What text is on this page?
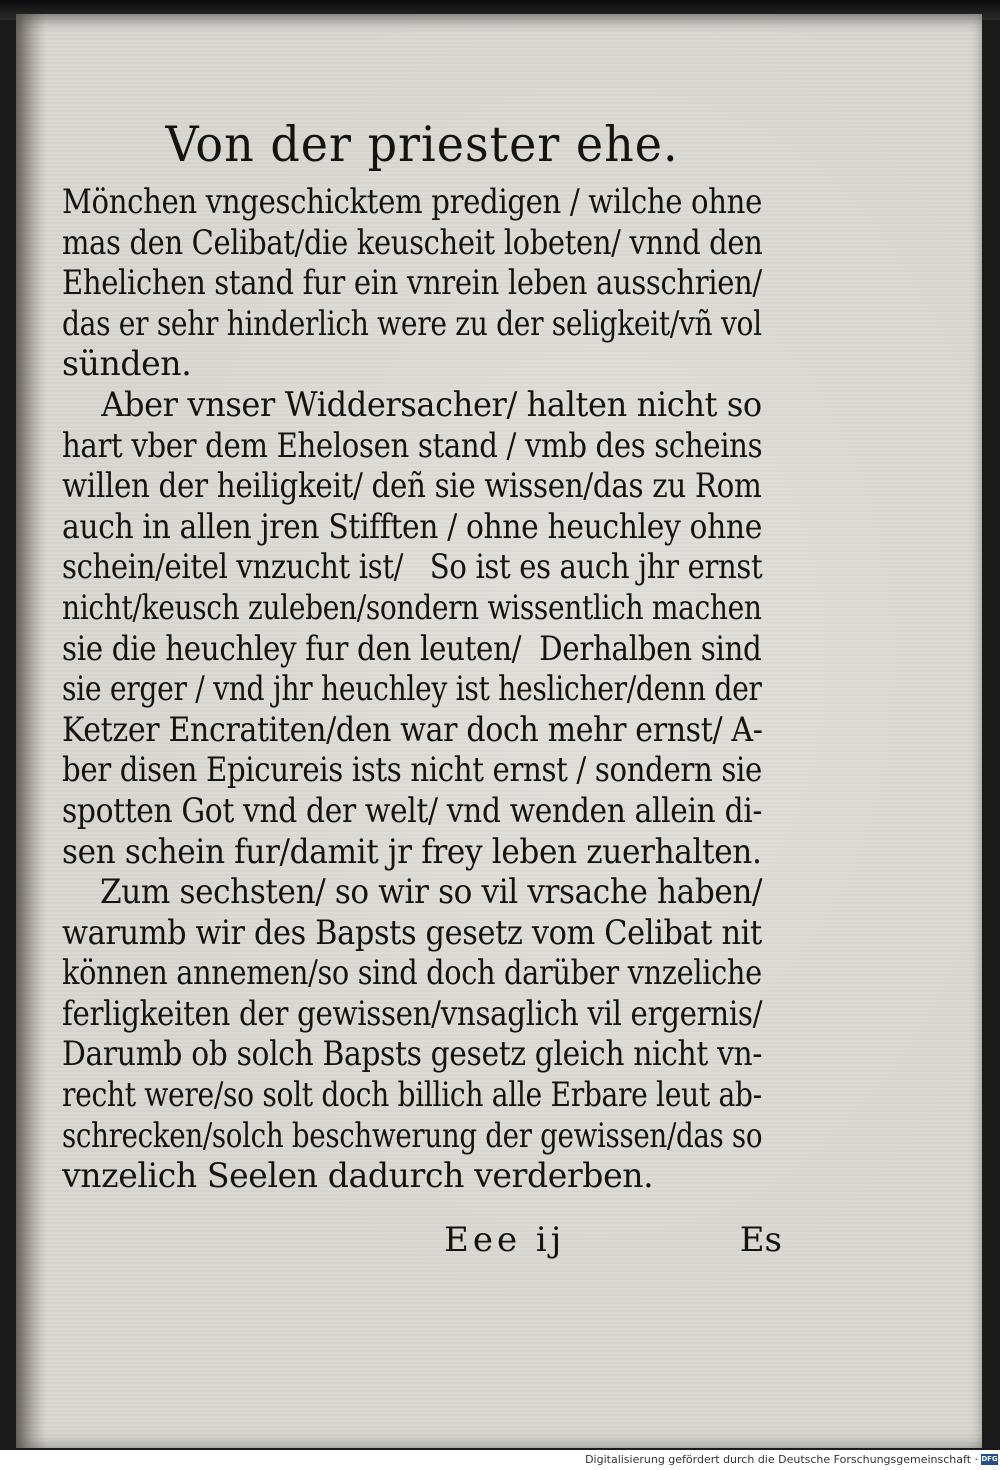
Von der priester ehe.
Mönchen vngeschicktem predigen / wilche ohne
mas den Celibat/die keuscheit lobeten/ vnnd den
Ehelichen stand fur ein vnrein leben ausschrien/
das er sehr hinderlich were zu der seligkeit/vñ vol
sünden.
Aber vnser Widdersacher/ halten nicht so
hart vber dem Ehelosen stand / vmb des scheins
willen der heiligkeit/ deñ sie wissen/das zu Rom
auch in allen jren Stifften / ohne heuchley ohne
schein/eitel vnzucht ist/   So ist es auch jhr ernst
nicht/keusch zuleben/sondern wissentlich machen
sie die heuchley fur den leuten/  Derhalben sind
sie erger / vnd jhr heuchley ist heslicher/denn der
Ketzer Encratiten/den war doch mehr ernst/ A-
ber disen Epicureis ists nicht ernst / sondern sie
spotten Got vnd der welt/ vnd wenden allein di-
sen schein fur/damit jr frey leben zuerhalten.
Zum sechsten/ so wir so vil vrsache haben/
warumb wir des Bapsts gesetz vom Celibat nit
können annemen/so sind doch darüber vnzeliche
ferligkeiten der gewissen/vnsaglich vil ergernis/
Darumb ob solch Bapsts gesetz gleich nicht vn-
recht were/so solt doch billich alle Erbare leut ab-
schrecken/solch beschwerung der gewissen/das so
vnzelich Seelen dadurch verderben.
Eee ij	Es
Digitalisierung gefördert durch die Deutsche Forschungsgemeinschaft · DFG
